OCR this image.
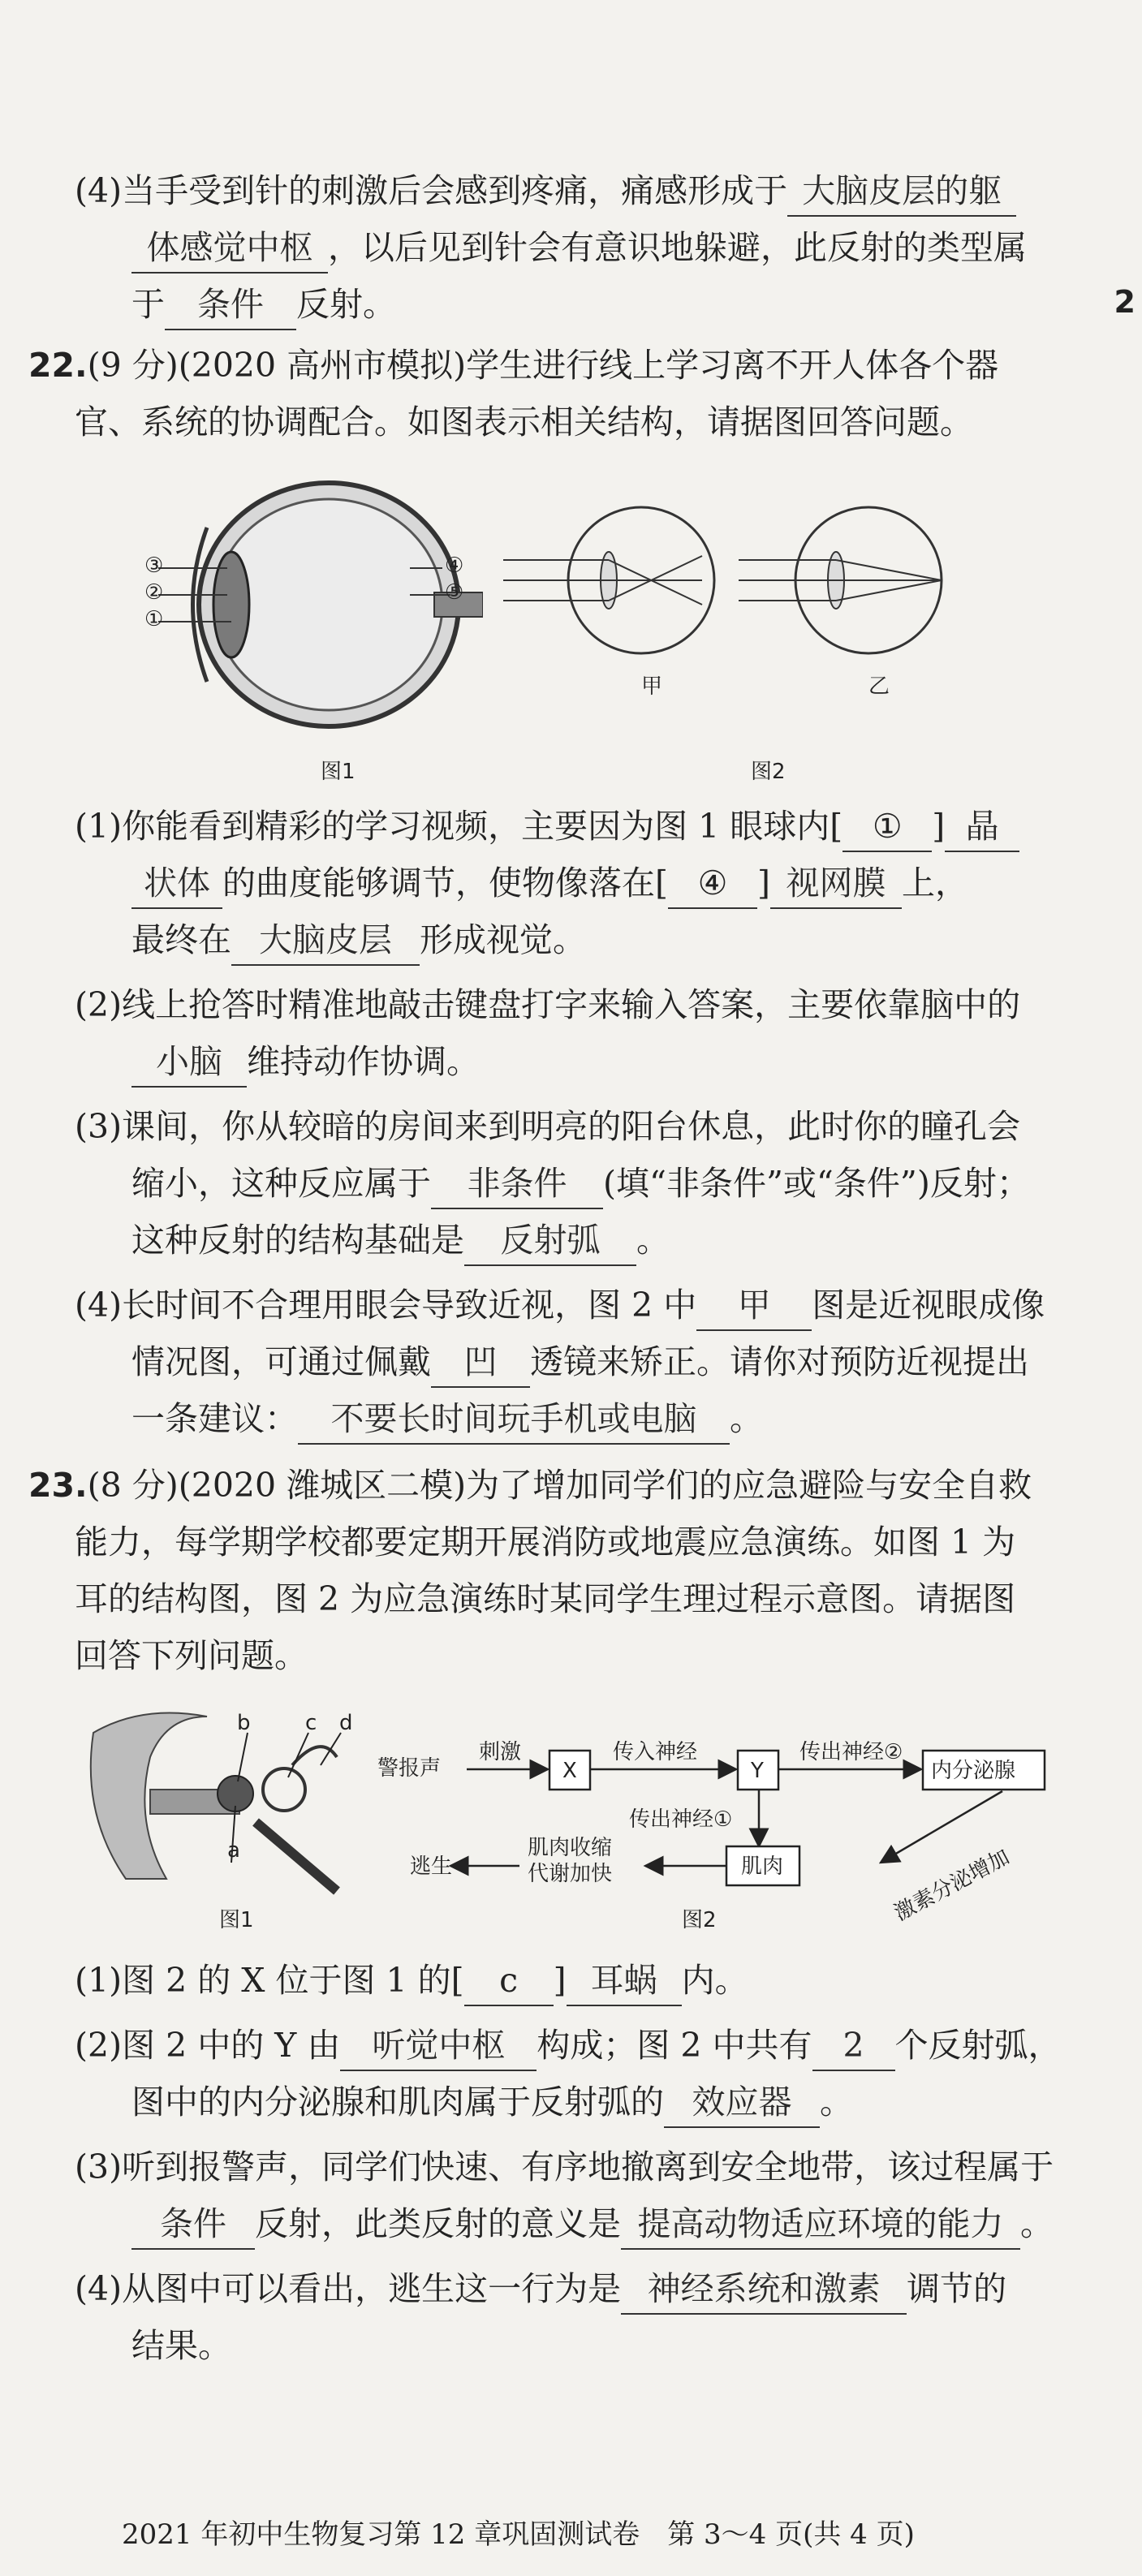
2
(4)当手受到针的刺激后会感到疼痛，痛感形成于 大脑皮层的躯
体感觉中枢 ，以后见到针会有意识地躲避，此反射的类型属
于 条件 反射。
22.(9 分)(2020 高州市模拟)学生进行线上学习离不开人体各个器
官、系统的协调配合。如图表示相关结构，请据图回答问题。
③
②
①
④
⑤
图1
甲	乙
图2
(1)你能看到精彩的学习视频，主要因为图 1 眼球内[ ① ] 晶
状体 的曲度能够调节，使物像落在[ ④ ] 视网膜 上，
最终在 大脑皮层 形成视觉。
(2)线上抢答时精准地敲击键盘打字来输入答案，主要依靠脑中的
小脑 维持动作协调。
(3)课间，你从较暗的房间来到明亮的阳台休息，此时你的瞳孔会
缩小，这种反应属于 非条件 (填“非条件”或“条件”)反射；
这种反射的结构基础是 反射弧 。
(4)长时间不合理用眼会导致近视，图 2 中 甲 图是近视眼成像
情况图，可通过佩戴 凹 透镜来矫正。请你对预防近视提出
一条建议： 不要长时间玩手机或电脑 。
23.(8 分)(2020 潍城区二模)为了增加同学们的应急避险与安全自救
能力，每学期学校都要定期开展消防或地震应急演练。如图 1 为
耳的结构图，图 2 为应急演练时某同学生理过程示意图。请据图
回答下列问题。
b	c d
a
图1
警报声
刺激
X
传入神经
Y
传出神经②
内分泌腺
传出神经①
激素分泌增加
肌肉
肌肉收缩
代谢加快
逃生
图2
(1)图 2 的 X 位于图 1 的[ c ] 耳蜗 内。
(2)图 2 中的 Y 由 听觉中枢 构成；图 2 中共有 2 个反射弧，
图中的内分泌腺和肌肉属于反射弧的 效应器 。
(3)听到报警声，同学们快速、有序地撤离到安全地带，该过程属于
条件 反射，此类反射的意义是 提高动物适应环境的能力 。
(4)从图中可以看出，逃生这一行为是 神经系统和激素 调节的
结果。
2021 年初中生物复习第 12 章巩固测试卷　第 3～4 页(共 4 页)
